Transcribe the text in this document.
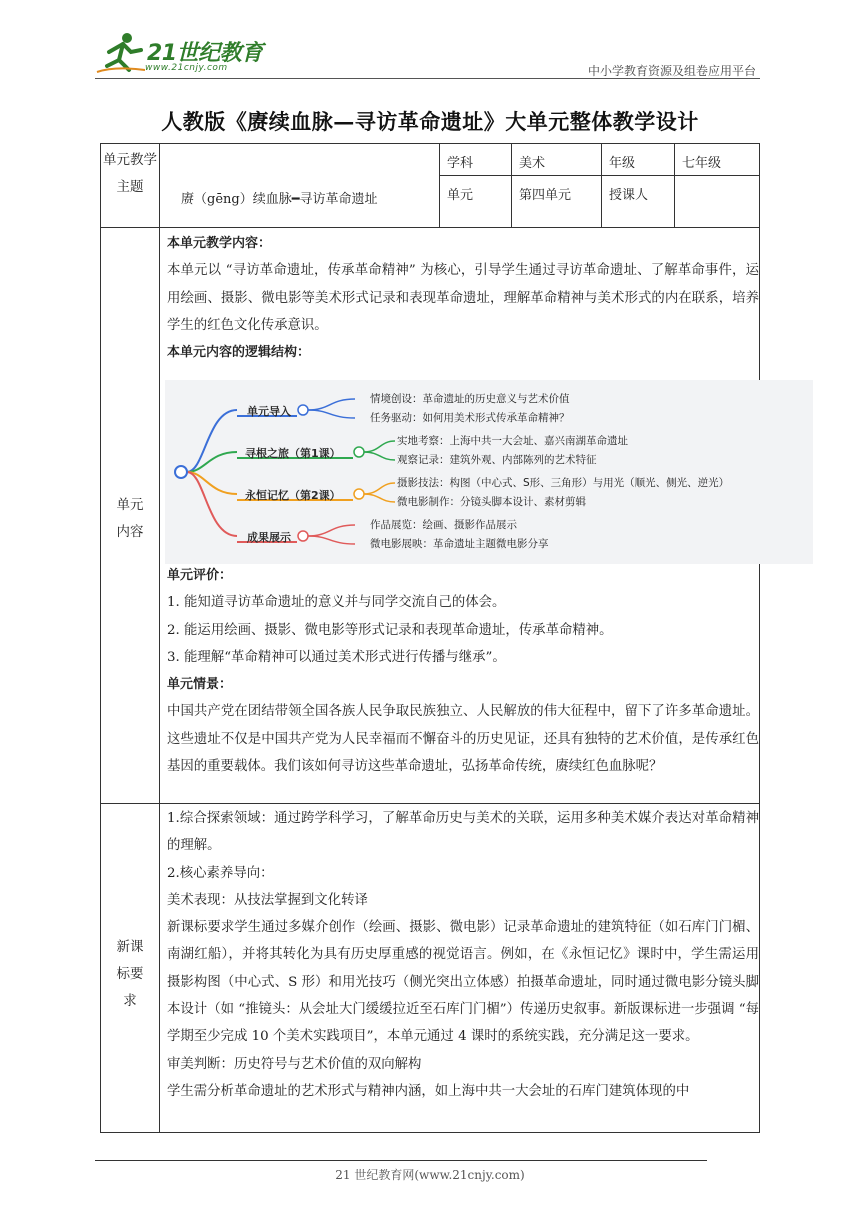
21世纪教育
www.21cnjy.com	中小学教育资源及组卷应用平台
人教版《赓续血脉—寻访革命遗址》大单元整体教学设计
单元教学主题
赓（gēng）续血脉━寻访革命遗址
学科	美术	年级	七年级
单元	第四单元	授课人
单元内容

本单元教学内容：

本单元以 “寻访革命遗址，传承革命精神” 为核心，引导学生通过寻访革命遗址、了解革命事件，运用绘画、摄影、微电影等美术形式记录和表现革命遗址，理解革命精神与美术形式的内在联系，培养学生的红色文化传承意识。

本单元内容的逻辑结构：

单元评价：

1. 能知道寻访革命遗址的意义并与同学交流自己的体会。

2. 能运用绘画、摄影、微电影等形式记录和表现革命遗址，传承革命精神。

3. 能理解“革命精神可以通过美术形式进行传播与继承”。

单元情景：

中国共产党在团结带领全国各族人民争取民族独立、人民解放的伟大征程中，留下了许多革命遗址。这些遗址不仅是中国共产党为人民幸福而不懈奋斗的历史见证，还具有独特的艺术价值，是传承红色基因的重要载体。我们该如何寻访这些革命遗址，弘扬革命传统，赓续红色血脉呢？

新课标要求

1.综合探索领域：通过跨学科学习，了解革命历史与美术的关联，运用多种美术媒介表达对革命精神的理解。

2.核心素养导向：

美术表现：从技法掌握到文化转译

新课标要求学生通过多媒介创作（绘画、摄影、微电影）记录革命遗址的建筑特征（如石库门门楣、南湖红船），并将其转化为具有历史厚重感的视觉语言。例如，在《永恒记忆》课时中，学生需运用摄影构图（中心式、S 形）和用光技巧（侧光突出立体感）拍摄革命遗址，同时通过微电影分镜头脚本设计（如 “推镜头：从会址大门缓缓拉近至石库门门楣”）传递历史叙事。新版课标进一步强调 “每学期至少完成 10 个美术实践项目”，本单元通过 4 课时的系统实践，充分满足这一要求。

审美判断：历史符号与艺术价值的双向解构

学生需分析革命遗址的艺术形式与精神内涵，如上海中共一大会址的石库门建筑体现的中

单元导入
情境创设：革命遗址的历史意义与艺术价值
任务驱动：如何用美术形式传承革命精神？
寻根之旅（第1课）
实地考察：上海中共一大会址、嘉兴南湖革命遗址
观察记录：建筑外观、内部陈列的艺术特征
永恒记忆（第2课）
摄影技法：构图（中心式、S形、三角形）与用光（顺光、侧光、逆光）
微电影制作：分镜头脚本设计、素材剪辑
成果展示
作品展览：绘画、摄影作品展示
微电影展映：革命遗址主题微电影分享
21 世纪教育网(www.21cnjy.com)
